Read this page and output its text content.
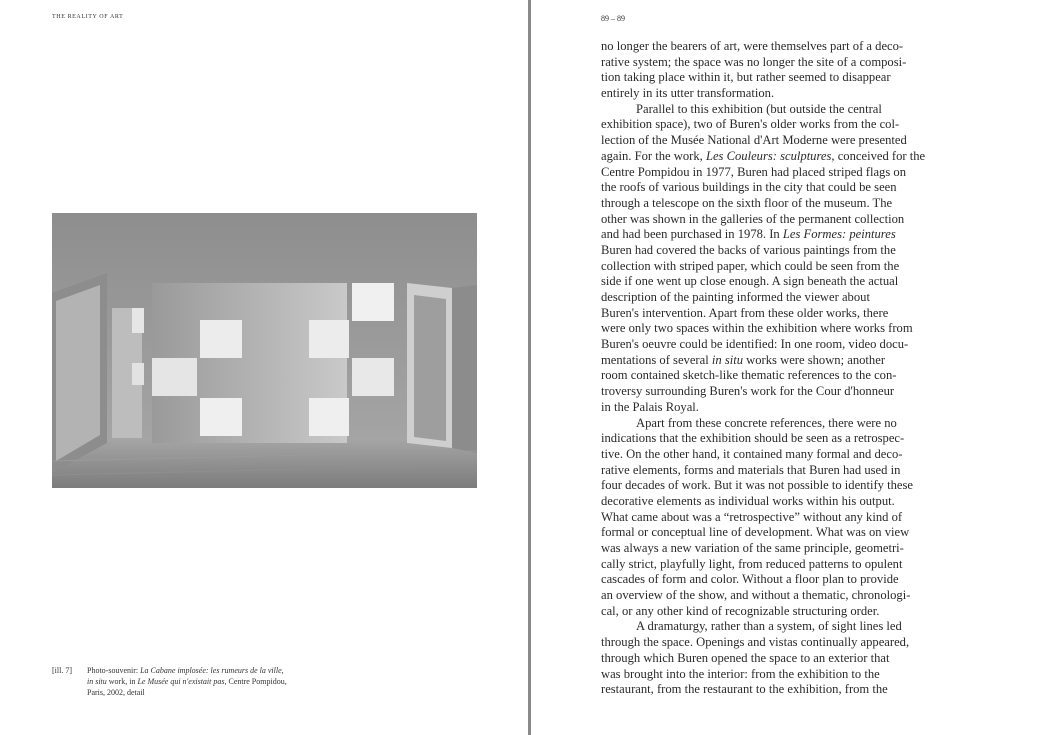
THE REALITY OF ART
[ill. 7] Photo-souvenir: La Cabane implosée: les rumeurs de la ville,
in situ work, in Le Musée qui n'existait pas, Centre Pompidou,
Paris, 2002, detail
89 – 89
no longer the bearers of art, were themselves part of a deco-
rative system; the space was no longer the site of a composi-
tion taking place within it, but rather seemed to disappear
entirely in its utter transformation.
Parallel to this exhibition (but outside the central
exhibition space), two of Buren's older works from the col-
lection of the Musée National d'Art Moderne were presented
again. For the work, Les Couleurs: sculptures, conceived for the
Centre Pompidou in 1977, Buren had placed striped flags on
the roofs of various buildings in the city that could be seen
through a telescope on the sixth floor of the museum. The
other was shown in the galleries of the permanent collection
and had been purchased in 1978. In Les Formes: peintures
Buren had covered the backs of various paintings from the
collection with striped paper, which could be seen from the
side if one went up close enough. A sign beneath the actual
description of the painting informed the viewer about
Buren's intervention. Apart from these older works, there
were only two spaces within the exhibition where works from
Buren's oeuvre could be identified: In one room, video docu-
mentations of several in situ works were shown; another
room contained sketch-like thematic references to the con-
troversy surrounding Buren's work for the Cour d'honneur
in the Palais Royal.
Apart from these concrete references, there were no
indications that the exhibition should be seen as a retrospec-
tive. On the other hand, it contained many formal and deco-
rative elements, forms and materials that Buren had used in
four decades of work. But it was not possible to identify these
decorative elements as individual works within his output.
What came about was a “retrospective” without any kind of
formal or conceptual line of development. What was on view
was always a new variation of the same principle, geometri-
cally strict, playfully light, from reduced patterns to opulent
cascades of form and color. Without a floor plan to provide
an overview of the show, and without a thematic, chronologi-
cal, or any other kind of recognizable structuring order.
A dramaturgy, rather than a system, of sight lines led
through the space. Openings and vistas continually appeared,
through which Buren opened the space to an exterior that
was brought into the interior: from the exhibition to the
restaurant, from the restaurant to the exhibition, from the
